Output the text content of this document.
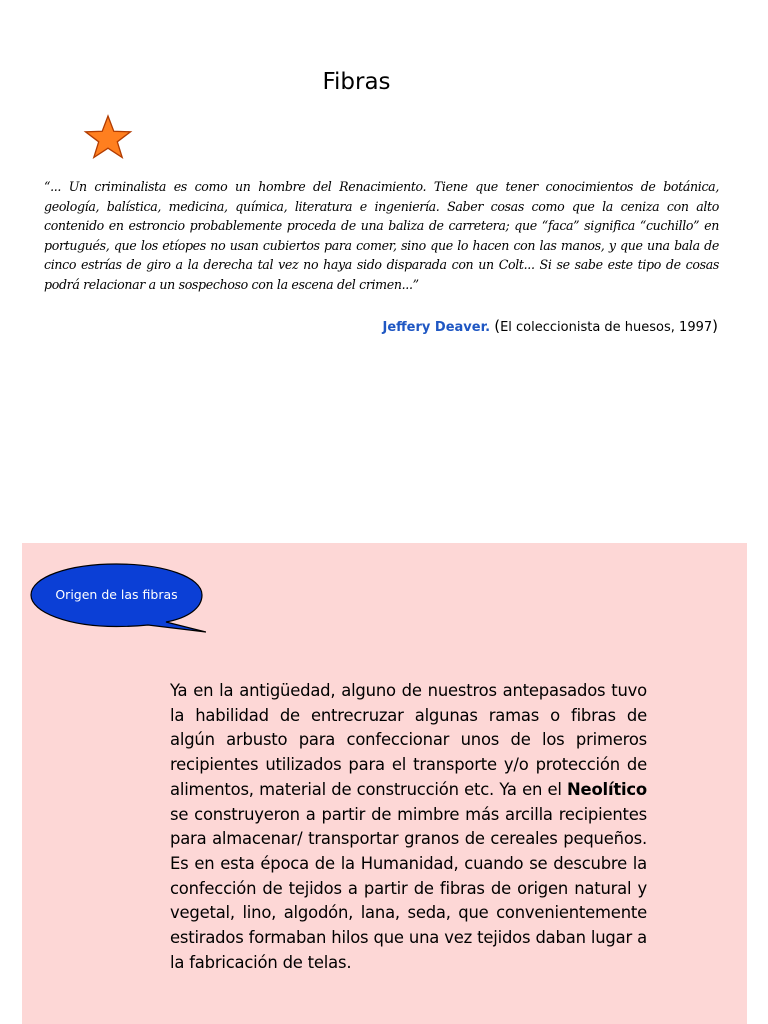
Fibras

“... Un criminalista es como un hombre del Renacimiento. Tiene que tener conocimientos de botánica, geología, balística, medicina, química, literatura e ingeniería. Saber cosas como que la ceniza con alto contenido en estroncio probablemente proceda de una baliza de carretera; que “faca” significa “cuchillo” en portugués, que los etíopes no usan cubiertos para comer, sino que lo hacen con las manos, y que una bala de cinco estrías de giro a la derecha tal vez no haya sido disparada con un Colt... Si se sabe este tipo de cosas podrá relacionar a un sospechoso con la escena del crimen...”

Jeffery Deaver. (El coleccionista de huesos, 1997)
Origen de las fibras

Ya en la antigüedad, alguno de nuestros antepasados tuvo la habilidad de entrecruzar algunas ramas o fibras de algún arbusto para confeccionar unos de los primeros recipientes utilizados para el transporte y/o protección de alimentos, material de construcción etc. Ya en el Neolítico se construyeron a partir de mimbre más arcilla recipientes para almacenar/ transportar granos de cereales pequeños. Es en esta época de la Humanidad, cuando se descubre la confección de tejidos a partir de fibras de origen natural y vegetal, lino, algodón, lana, seda, que convenientemente estirados formaban hilos que una vez tejidos daban lugar a la fabricación de telas.
